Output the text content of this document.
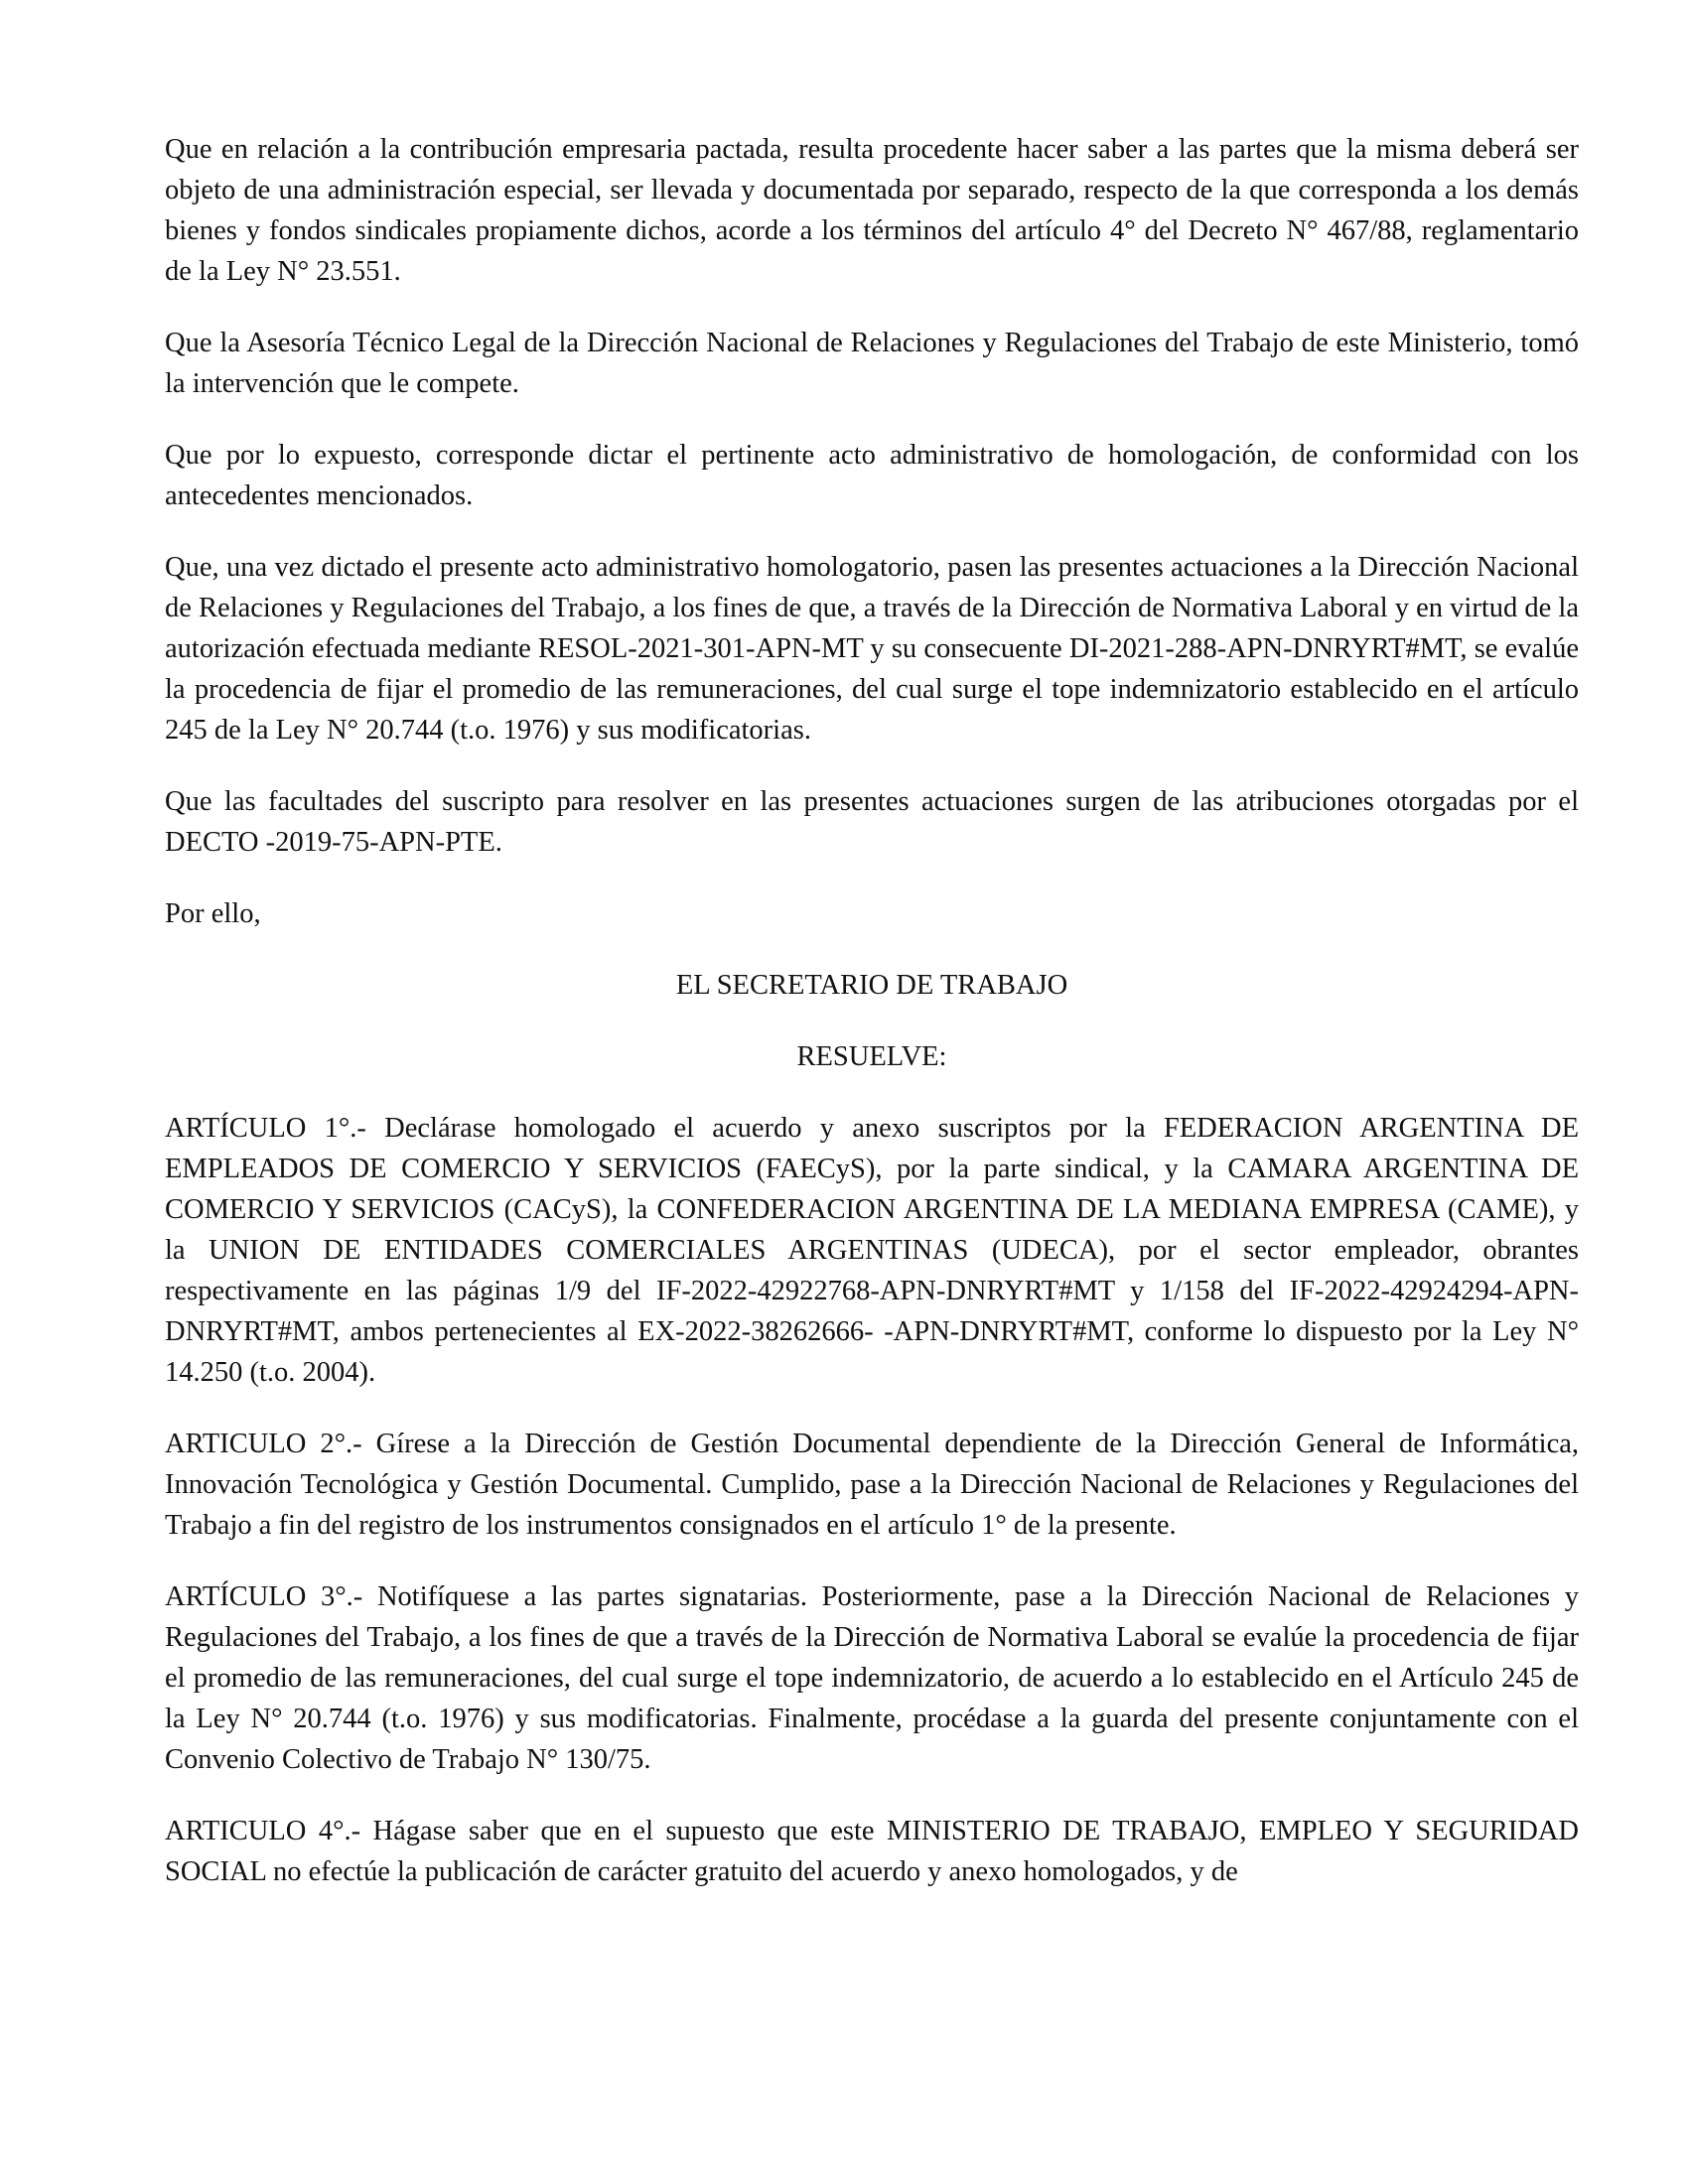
Que en relación a la contribución empresaria pactada, resulta procedente hacer saber a las partes que la misma deberá ser objeto de una administración especial, ser llevada y documentada por separado, respecto de la que corresponda a los demás bienes y fondos sindicales propiamente dichos, acorde a los términos del artículo 4° del Decreto N° 467/88, reglamentario de la Ley N° 23.551.

Que la Asesoría Técnico Legal de la Dirección Nacional de Relaciones y Regulaciones del Trabajo de este Ministerio, tomó la intervención que le compete.

Que por lo expuesto, corresponde dictar el pertinente acto administrativo de homologación, de conformidad con los antecedentes mencionados.

Que, una vez dictado el presente acto administrativo homologatorio, pasen las presentes actuaciones a la Dirección Nacional de Relaciones y Regulaciones del Trabajo, a los fines de que, a través de la Dirección de Normativa Laboral y en virtud de la autorización efectuada mediante RESOL-2021-301-APN-MT y su consecuente DI-2021-288-APN-DNRYRT#MT, se evalúe la procedencia de fijar el promedio de las remuneraciones, del cual surge el tope indemnizatorio establecido en el artículo 245 de la Ley N° 20.744 (t.o. 1976) y sus modificatorias.

Que las facultades del suscripto para resolver en las presentes actuaciones surgen de las atribuciones otorgadas por el DECTO -2019-75-APN-PTE.

Por ello,

EL SECRETARIO DE TRABAJO

RESUELVE:

ARTÍCULO 1°.- Declárase homologado el acuerdo y anexo suscriptos por la FEDERACION ARGENTINA DE EMPLEADOS DE COMERCIO Y SERVICIOS (FAECyS), por la parte sindical, y la CAMARA ARGENTINA DE COMERCIO Y SERVICIOS (CACyS), la CONFEDERACION ARGENTINA DE LA MEDIANA EMPRESA (CAME), y la UNION DE ENTIDADES COMERCIALES ARGENTINAS (UDECA), por el sector empleador, obrantes respectivamente en las páginas 1/9 del IF-2022-42922768-APN-DNRYRT#MT y 1/158 del IF-2022-42924294-APN-DNRYRT#MT, ambos pertenecientes al EX-2022-38262666- -APN-DNRYRT#MT, conforme lo dispuesto por la Ley N° 14.250 (t.o. 2004).

ARTICULO 2°.- Gírese a la Dirección de Gestión Documental dependiente de la Dirección General de Informática, Innovación Tecnológica y Gestión Documental. Cumplido, pase a la Dirección Nacional de Relaciones y Regulaciones del Trabajo a fin del registro de los instrumentos consignados en el artículo 1° de la presente.

ARTÍCULO 3°.- Notifíquese a las partes signatarias. Posteriormente, pase a la Dirección Nacional de Relaciones y Regulaciones del Trabajo, a los fines de que a través de la Dirección de Normativa Laboral se evalúe la procedencia de fijar el promedio de las remuneraciones, del cual surge el tope indemnizatorio, de acuerdo a lo establecido en el Artículo 245 de la Ley N° 20.744 (t.o. 1976) y sus modificatorias. Finalmente, procédase a la guarda del presente conjuntamente con el Convenio Colectivo de Trabajo N° 130/75.

ARTICULO 4°.- Hágase saber que en el supuesto que este MINISTERIO DE TRABAJO, EMPLEO Y SEGURIDAD SOCIAL no efectúe la publicación de carácter gratuito del acuerdo y anexo homologados, y de
